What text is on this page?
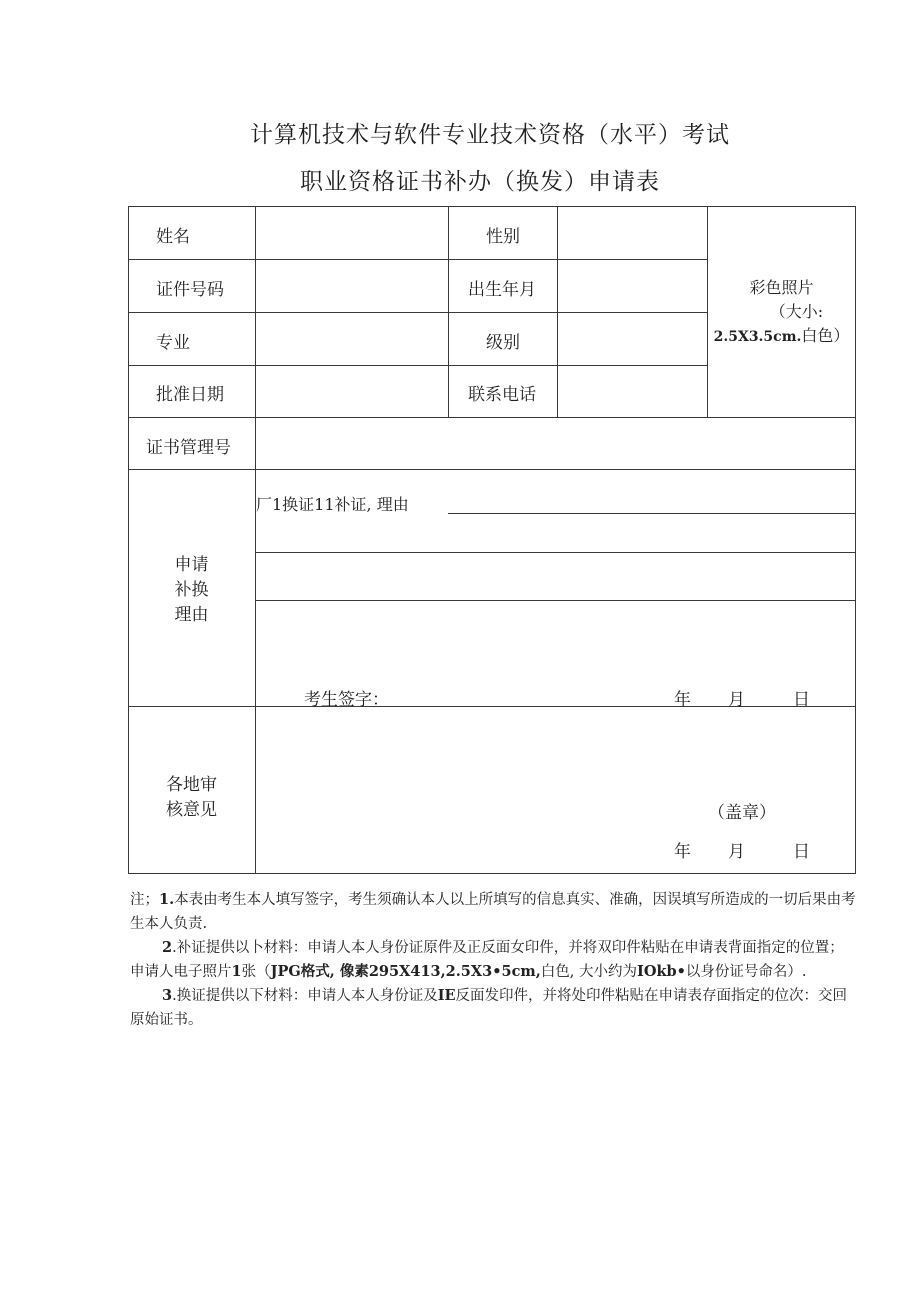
计算机技术与软件专业技术资格（水平）考试
职业资格证书补办（换发）申请表
姓名	性别
证件号码	出生年月
专业	级别
批准日期	联系电话
彩色照片
（大小:
2.5X3.5cm.白色）
证书管理号
申请
补换
理由
厂1换证11补证, 理由
考生签字：	年 月	日
各地审
核意见	（盖章）
年 月	日

注；1.本表由考生本人填写签字，考生须确认本人以上所填写的信息真实、准确，因误填写所造成的一切后果由考生本人负责.

2.补证提供以卜材料：申请人本人身份证原件及正反面女印件，并将双印件粘贴在申请表背面指定的位置；申请人电子照片1张（JPG格式, 像素295X413,2.5X3•5cm,白色, 大小约为IOkb•以身份证号命名）.

3.换证提供以下材料：申请人本人身份证及IE反面发印件，并将处印件粘贴在申请表存面指定的位次：交回原始证书。
